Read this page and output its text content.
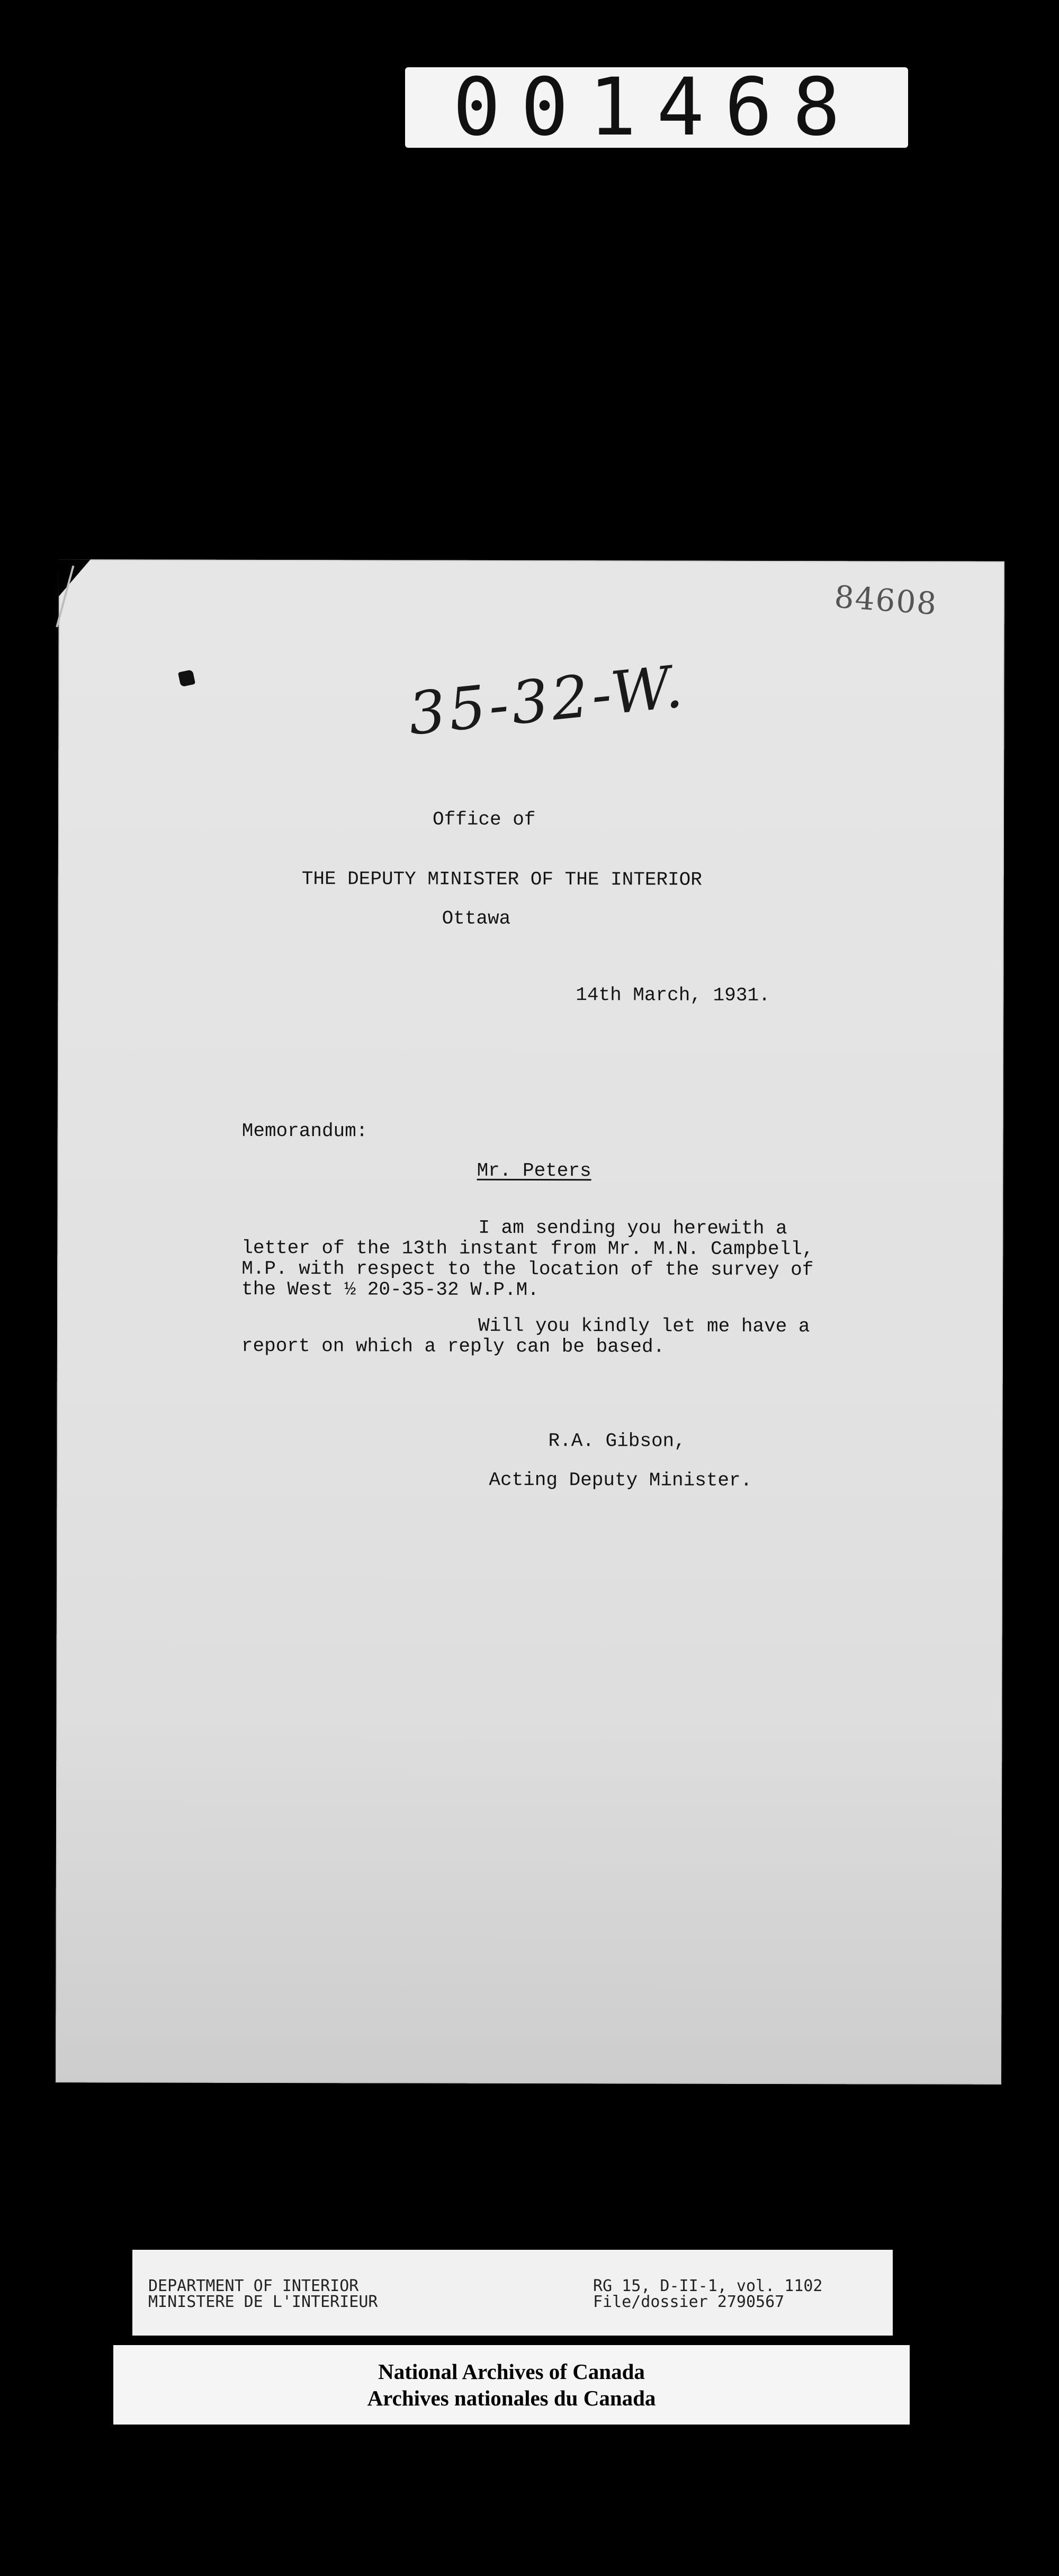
001468
84608
35-32-W.
Office of
THE DEPUTY MINISTER OF THE INTERIOR
Ottawa
14th March, 1931.
Memorandum:
Mr. Peters
I am sending you herewith a
letter of the 13th instant from Mr. M.N. Campbell,
M.P. with respect to the location of the survey of
the West ½ 20-35-32 W.P.M.
Will you kindly let me have a
report on which a reply can be based.
R.A. Gibson,
Acting Deputy Minister.
DEPARTMENT OF INTERIOR
MINISTERE DE L'INTERIEUR
RG 15, D-II-1, vol. 1102
File/dossier 2790567
National Archives of Canada
Archives nationales du Canada
